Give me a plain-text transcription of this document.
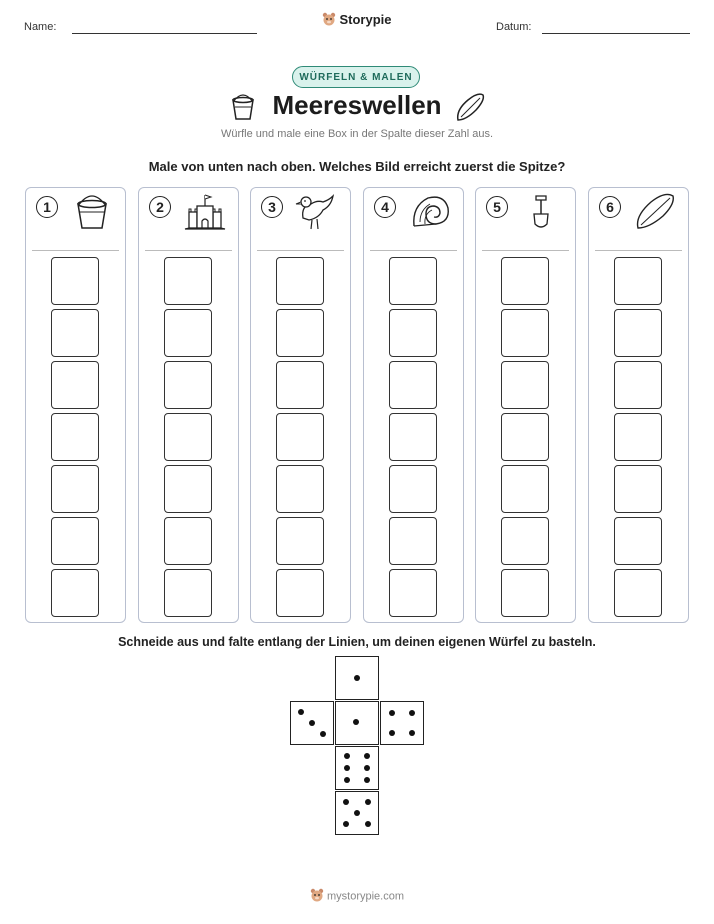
Name:	Storypie	Datum:
WÜRFELN & MALEN
Meereswellen
Würfle und male eine Box in der Spalte dieser Zahl aus.
Male von unten nach oben. Welches Bild erreicht zuerst die Spitze?
1	2	3	4	5	6
Schneide aus und falte entlang der Linien, um deinen eigenen Würfel zu basteln.
mystorypie.com
